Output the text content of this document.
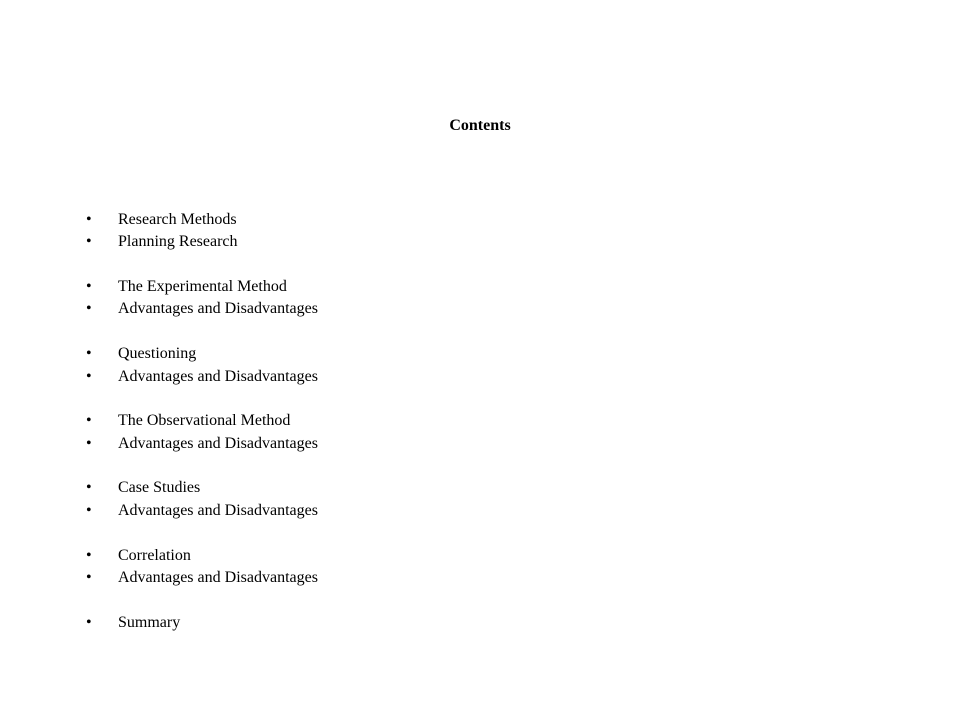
Contents
•	Research Methods
•	Planning Research
•	The Experimental Method
•	Advantages and Disadvantages
•	Questioning
•	Advantages and Disadvantages
•	The Observational Method
•	Advantages and Disadvantages
•	Case Studies
•	Advantages and Disadvantages
•	Correlation
•	Advantages and Disadvantages
•	Summary
